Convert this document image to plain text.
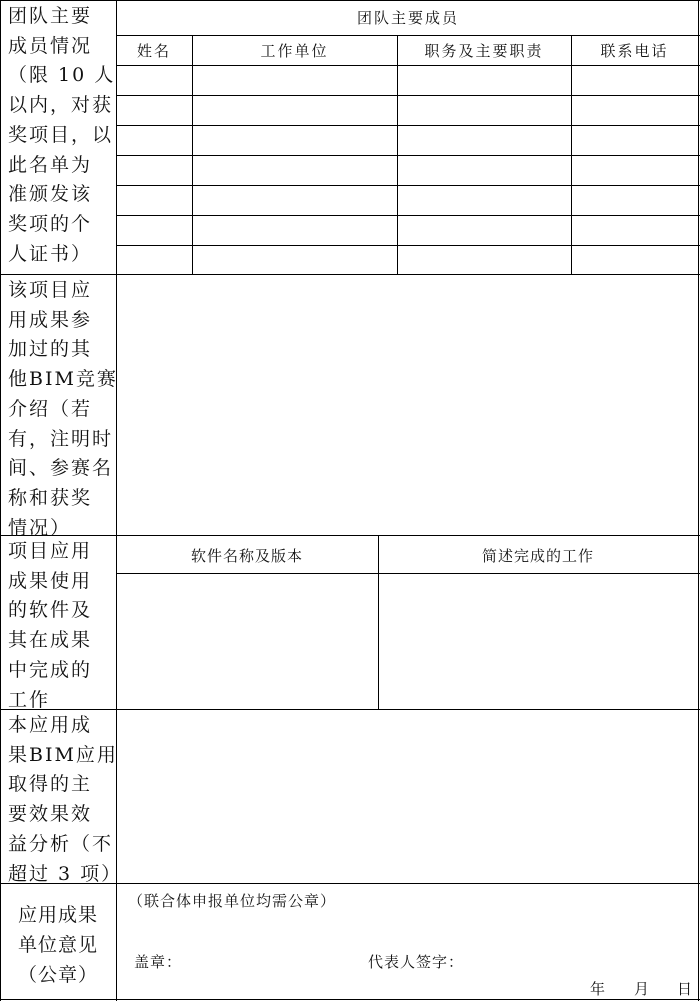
团队主要
成员情况
（限 10 人
以内，对获
奖项目，以
此名单为
准颁发该
奖项的个
人证书）
团队主要成员
姓名	工作单位	职务及主要职责	联系电话
该项目应
用成果参
加过的其
他BIM竞赛
介绍（若
有，注明时
间、参赛名
称和获奖
情况）
项目应用
成果使用
的软件及
其在成果
中完成的
工作
软件名称及版本	简述完成的工作
本应用成
果BIM应用
取得的主
要效果效
益分析（不
超过 3 项）
应用成果
单位意见
（公章）
（联合体申报单位均需公章）
盖章：	代表人签字：
年 月 日
